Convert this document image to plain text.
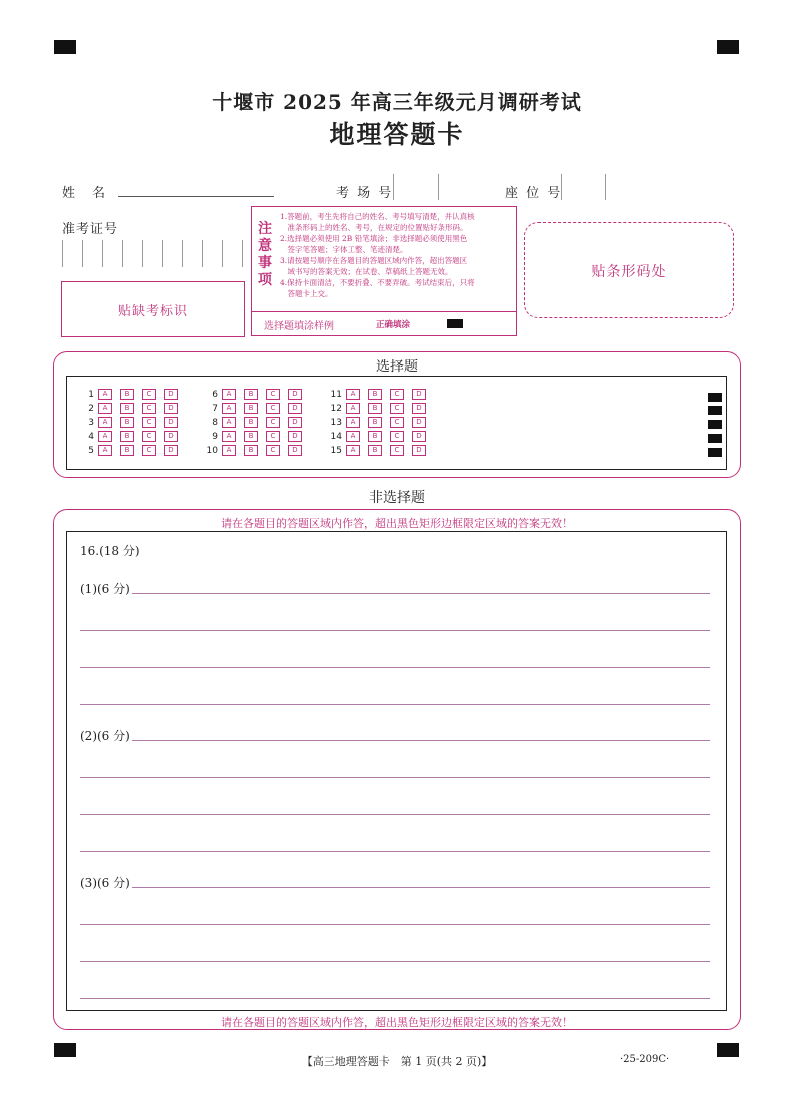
十堰市 2025 年高三年级元月调研考试
地理答题卡
姓　名	考 场 号	座 位 号
准考证号
贴缺考标识
注
意
事
项
1.答题前，考生先将自己的姓名、考号填写清楚，并认真核
　准条形码上的姓名、考号，在规定的位置贴好条形码。
2.选择题必须使用 2B 铅笔填涂；非选择题必须使用黑色
　签字笔答题；字体工整、笔迹清楚。
3.请按题号顺序在各题目的答题区域内作答，超出答题区
　域书写的答案无效；在试卷、草稿纸上答题无效。
4.保持卡面清洁，不要折叠、不要弄破。考试结束后，只将
　答题卡上交。
选择题填涂样例	正确填涂
贴条形码处
选择题
1 A B C D
2 A B C D
3 A B C D
4 A B C D
5 A B C D
6 A B C D
7 A B C D
8 A B C D
9 A B C D
10 A B C D
11 A B C D
12 A B C D
13 A B C D
14 A B C D
15 A B C D
非选择题
请在各题目的答题区域内作答，超出黑色矩形边框限定区域的答案无效！
请在各题目的答题区域内作答，超出黑色矩形边框限定区域的答案无效！
16.(18 分)
(1)(6 分)
(2)(6 分)
(3)(6 分)
【高三地理答题卡　第 1 页(共 2 页)】	·25-209C·
